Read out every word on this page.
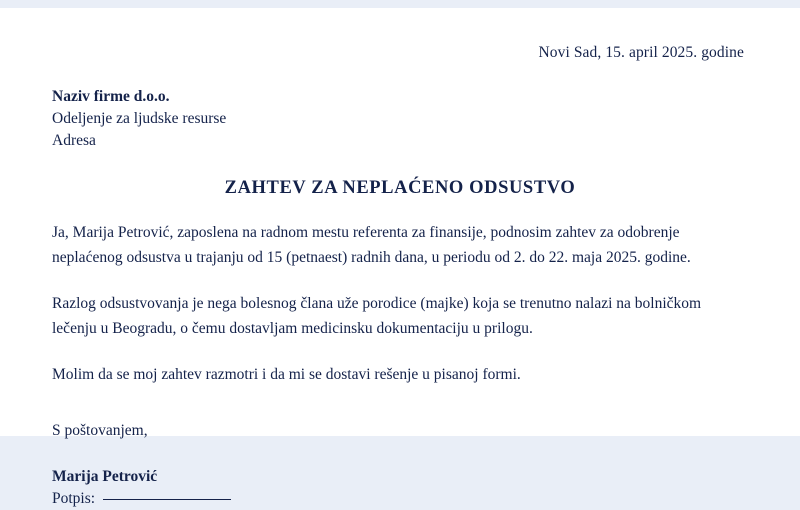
Novi Sad, 15. april 2025. godine
Naziv firme d.o.o.
Odeljenje za ljudske resurse
Adresa
ZAHTEV ZA NEPLAĆENO ODSUSTVO
Ja, Marija Petrović, zaposlena na radnom mestu referenta za finansije, podnosim zahtev za odobrenje neplaćenog odsustva u trajanju od 15 (petnaest) radnih dana, u periodu od 2. do 22. maja 2025. godine.
Razlog odsustvovanja je nega bolesnog člana uže porodice (majke) koja se trenutno nalazi na bolničkom lečenju u Beogradu, o čemu dostavljam medicinsku dokumentaciju u prilogu.
Molim da se moj zahtev razmotri i da mi se dostavi rešenje u pisanoj formi.
S poštovanjem,
Marija Petrović
Potpis:
